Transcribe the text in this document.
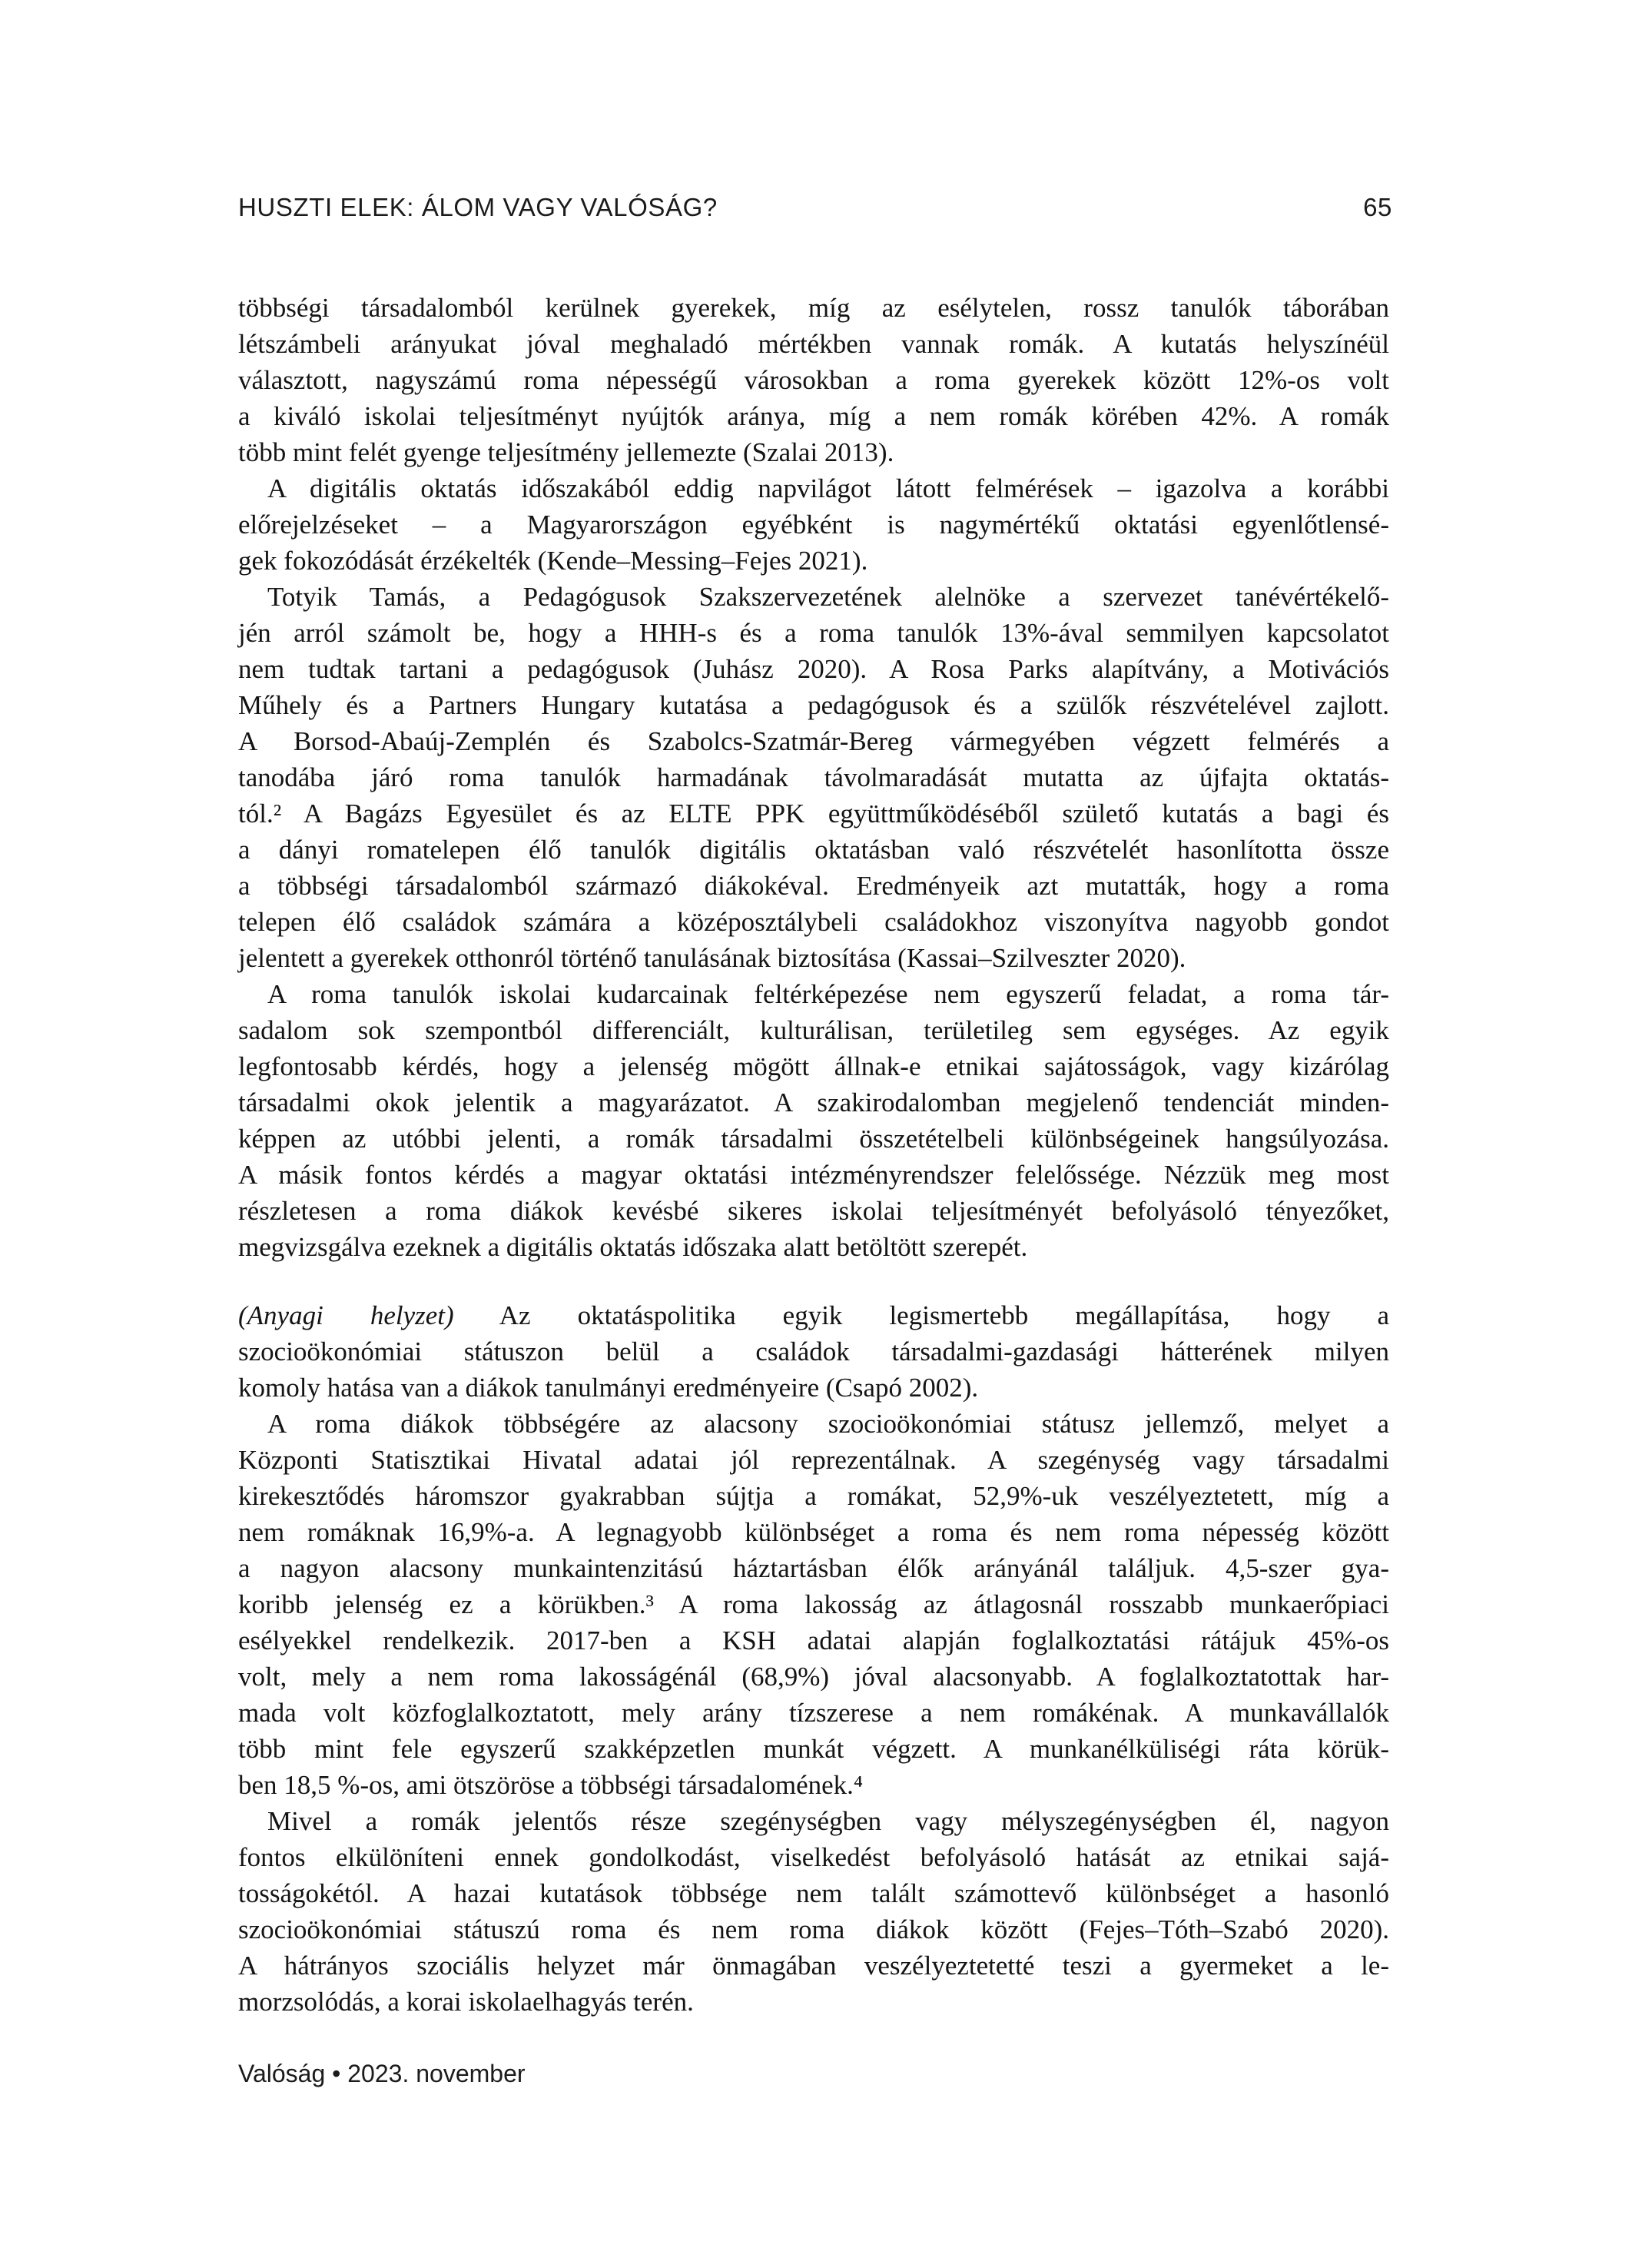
HUSZTI ELEK: ÁLOM VAGY VALÓSÁG?	65
többségi társadalomból kerülnek gyerekek, míg az esélytelen, rossz tanulók táborában
létszámbeli arányukat jóval meghaladó mértékben vannak romák. A kutatás helyszínéül
választott, nagyszámú roma népességű városokban a roma gyerekek között 12%-os volt
a kiváló iskolai teljesítményt nyújtók aránya, míg a nem romák körében 42%. A romák
több mint felét gyenge teljesítmény jellemezte (Szalai 2013).
A digitális oktatás időszakából eddig napvilágot látott felmérések – igazolva a korábbi
előrejelzéseket – a Magyarországon egyébként is nagymértékű oktatási egyenlőtlensé-
gek fokozódását érzékelték (Kende–Messing–Fejes 2021).
Totyik Tamás, a Pedagógusok Szakszervezetének alelnöke a szervezet tanévértékelő-
jén arról számolt be, hogy a HHH-s és a roma tanulók 13%-ával semmilyen kapcsolatot
nem tudtak tartani a pedagógusok (Juhász 2020). A Rosa Parks alapítvány, a Motivációs
Műhely és a Partners Hungary kutatása a pedagógusok és a szülők részvételével zajlott.
A Borsod-Abaúj-Zemplén és Szabolcs-Szatmár-Bereg vármegyében végzett felmérés a
tanodába járó roma tanulók harmadának távolmaradását mutatta az újfajta oktatás-
tól.² A Bagázs Egyesület és az ELTE PPK együttműködéséből születő kutatás a bagi és
a dányi romatelepen élő tanulók digitális oktatásban való részvételét hasonlította össze
a többségi társadalomból származó diákokéval. Eredményeik azt mutatták, hogy a roma
telepen élő családok számára a középosztálybeli családokhoz viszonyítva nagyobb gondot
jelentett a gyerekek otthonról történő tanulásának biztosítása (Kassai–Szilveszter 2020).
A roma tanulók iskolai kudarcainak feltérképezése nem egyszerű feladat, a roma tár-
sadalom sok szempontból differenciált, kulturálisan, területileg sem egységes. Az egyik
legfontosabb kérdés, hogy a jelenség mögött állnak-e etnikai sajátosságok, vagy kizárólag
társadalmi okok jelentik a magyarázatot. A szakirodalomban megjelenő tendenciát minden-
képpen az utóbbi jelenti, a romák társadalmi összetételbeli különbségeinek hangsúlyozása.
A másik fontos kérdés a magyar oktatási intézményrendszer felelőssége. Nézzük meg most
részletesen a roma diákok kevésbé sikeres iskolai teljesítményét befolyásoló tényezőket,
megvizsgálva ezeknek a digitális oktatás időszaka alatt betöltött szerepét.
(Anyagi helyzet) Az oktatáspolitika egyik legismertebb megállapítása, hogy a
szocioökonómiai státuszon belül a családok társadalmi-gazdasági hátterének milyen
komoly hatása van a diákok tanulmányi eredményeire (Csapó 2002).
A roma diákok többségére az alacsony szocioökonómiai státusz jellemző, melyet a
Központi Statisztikai Hivatal adatai jól reprezentálnak. A szegénység vagy társadalmi
kirekesztődés háromszor gyakrabban sújtja a romákat, 52,9%-uk veszélyeztetett, míg a
nem romáknak 16,9%-a. A legnagyobb különbséget a roma és nem roma népesség között
a nagyon alacsony munkaintenzitású háztartásban élők arányánál találjuk. 4,5-szer gya-
koribb jelenség ez a körükben.³ A roma lakosság az átlagosnál rosszabb munkaerőpiaci
esélyekkel rendelkezik. 2017-ben a KSH adatai alapján foglalkoztatási rátájuk 45%-os
volt, mely a nem roma lakosságénál (68,9%) jóval alacsonyabb. A foglalkoztatottak har-
mada volt közfoglalkoztatott, mely arány tízszerese a nem romákénak. A munkavállalók
több mint fele egyszerű szakképzetlen munkát végzett. A munkanélküliségi ráta körük-
ben 18,5 %-os, ami ötszöröse a többségi társadalomének.⁴
Mivel a romák jelentős része szegénységben vagy mélyszegénységben él, nagyon
fontos elkülöníteni ennek gondolkodást, viselkedést befolyásoló hatását az etnikai sajá-
tosságokétól. A hazai kutatások többsége nem talált számottevő különbséget a hasonló
szocioökonómiai státuszú roma és nem roma diákok között (Fejes–Tóth–Szabó 2020).
A hátrányos szociális helyzet már önmagában veszélyeztetetté teszi a gyermeket a le-
morzsolódás, a korai iskolaelhagyás terén.
Valóság • 2023. november
